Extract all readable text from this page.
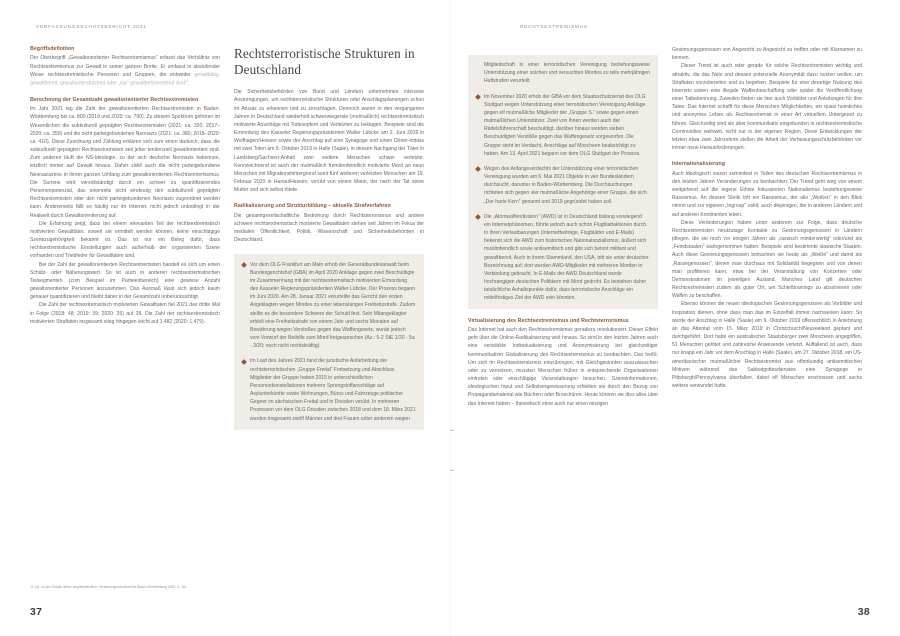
VERFASSUNGSSCHUTZBERICHT 2021
Begriffsdefinition

Der Oberbegriff „Gewaltorientierter Rechtsextremismus“ erfasst das Verhältnis von Rechtsextremismus zur Gewalt in seiner ganzen Breite. Er umfasst in abstufender Weise rechtsextremistische Personen und Gruppen, die entweder gewalttätig, gewaltbereit, gewaltunterstützend oder „nur“ gewaltbefürwortend sind$^{11}$.

Berechnung der Gesamtzahl gewaltorientierter Rechtsextremisten

Im Jahr 2021 lag die Zahl der gewaltorientierten Rechtsextremisten in Baden-Württemberg bei ca. 800 (2019 und 2020: ca. 790). Zu diesem Spektrum gehören im Wesentlichen die subkulturell geprägten Rechtsextremisten (2021: ca. 320; 2017–2020: ca. 350) und die nicht parteigebundenen Neonazis (2021: ca. 380; 2018–2020: ca. 410). Diese Zuordnung und Zählung erklären sich zum einen dadurch, dass die subkulturell geprägten Rechtsextremisten seit jeher tendenziell gewaltorientiert sind. Zum anderen läuft die NS-Ideologie, zu der sich deutsche Neonazis bekennen, letztlich immer auf Gewalt hinaus. Daher zählt auch die nicht parteigebundene Neonaziszene in ihrem ganzen Umfang zum gewaltorientierten Rechtsextremismus. Die Summe wird vervollständigt durch ein schwer zu quantifizierendes Personenpotenzial, das einerseits nicht eindeutig den subkulturell geprägten Rechtsextremisten oder den nicht parteigebundenen Neonazis zugeordnet werden kann. Andererseits fällt es häufig nur im Internet, nicht jedoch unbedingt in der Realwelt durch Gewaltorientierung auf.

Die Erfahrung zeigt, dass bei einem relevanten Teil der rechtsextremistisch motivierten Gewalttäter, soweit sie ermittelt werden können, keine einschlägige Szenezugehörigkeit bekannt ist. Das ist nur ein Beleg dafür, dass rechtsextremistische Einstellungen auch außerhalb der organisierten Szene vorhanden und Triebfeder für Gewalttaten sind.

Bei der Zahl der gewaltorientierten Rechtsextremisten handelt es sich um einen Schätz- oder Näherungswert. So ist auch in anderen rechtsextremistischen Teilsegmenten (zum Beispiel im Parteienbereich) eine gewisse Anzahl gewaltorientierter Personen anzunehmen. Das Ausmaß lässt sich jedoch kaum genauer quantifizieren und bleibt daher in der Gesamtzahl unberücksichtigt.

Die Zahl der rechtsextremistisch motivierten Gewalttaten fiel 2021 das dritte Mal in Folge (2018: 48; 2019: 39; 2020: 35) auf 28. Die Zahl der rechtsextremistisch motivierten Straftaten insgesamt stieg hingegen leicht auf 1.482 (2020: 1.479).

Rechtsterroristische Strukturen in Deutschland

Die Sicherheitsbehörden von Bund und Ländern unternehmen intensive Anstrengungen, um rechtsterroristische Strukturen oder Anschlagsplanungen schon im Ansatz zu erkennen und zu zerschlagen. Dennoch waren in den vergangenen Jahren in Deutschland wiederholt schwerwiegende (mutmaßlich) rechtsextremistisch motivierte Anschläge mit Todesopfern und Verletzten zu beklagen. Beispiele sind die Ermordung des Kasseler Regierungspräsidenten Walter Lübcke am 2. Juni 2019 in Wolfhagen/Hessen sowie der Anschlag auf eine Synagoge und einen Döner-Imbiss mit zwei Toten am 9. Oktober 2019 in Halle (Saale), in dessen Nachgang der Täter in Landsberg/Sachsen-Anhalt zwei weitere Menschen schwer verletzte. Kennzeichnend ist auch der mutmaßlich fremdenfeindlich motivierte Mord an neun Menschen mit Migrationshintergrund samt fünf weiteren verletzten Menschen am 19. Februar 2020 in Hanau/Hessen, verübt von einem Mann, der nach der Tat seine Mutter und sich selbst tötete.

Radikalisierung und Strukturbildung – aktuelle Strafverfahren

Die gesamtgesellschaftliche Bedrohung durch Rechtsterrorismus und andere schwere rechtsextremistisch motivierte Gewalttaten stehen seit Jahren im Fokus der medialen Öffentlichkeit, Politik, Wissenschaft und Sicherheitsbehörden in Deutschland.

Vor dem OLG Frankfurt am Main erhob der Generalbundesanwalt beim Bundesgerichtshof (GBA) im April 2020 Anklage gegen zwei Beschuldigte im Zusammenhang mit der rechtsextremistisch motivierten Ermordung des Kasseler Regierungspräsidenten Walter Lübcke. Der Prozess begann im Juni 2020. Am 28. Januar 2021 verurteilte das Gericht den ersten Angeklagten wegen Mordes zu einer lebenslangen Freiheitsstrafe. Zudem stellte es die besondere Schwere der Schuld fest. Sein Mitangeklagter erhielt eine Freiheitsstrafe von einem Jahr und sechs Monaten auf Bewährung wegen Verstoßes gegen das Waffengesetz, wurde jedoch vom Vorwurf der Beihilfe zum Mord freigesprochen (Az.: 5-2 StE 1/20 - 5a - 3/20; noch nicht rechtskräftig).
Im Lauf des Jahres 2021 fand die juristische Aufarbeitung der rechtsterroristischen „Gruppe Freital“ Fortsetzung und Abschluss. Mitglieder der Gruppe hatten 2015 in unterschiedlichen Personenkonstellationen mehrere Sprengstoffanschläge auf Asylunterkünfte sowie Wohnungen, Büros und Fahrzeuge politischer Gegner im sächsischen Freital und in Dresden verübt. In mehreren Prozessen vor dem OLG Dresden zwischen 2018 und dem 18. März 2021 wurden insgesamt zwölf Männer und drei Frauen unter anderem wegen
11 Vgl. zu den Details dieser Begriffsdefinition: Verfassungsschutzbericht Baden-Württemberg 2020, S. 161.
37
RECHTSEXTREMISMUS
Mitgliedschaft in einer terroristischen Vereinigung beziehungsweise Unterstützung einer solchen und versuchten Mordes zu teils mehrjährigen Haftstrafen verurteilt.
Im November 2020 erhob der GBA vor dem Staatsschutzsenat des OLG Stuttgart wegen Unterstützung einer terroristischen Vereinigung Anklage gegen elf mutmaßliche Mitglieder der „Gruppe S.“ sowie gegen einen mutmaßlichen Unterstützer. Zwei von ihnen werden auch der Rädelsführerschaft beschuldigt, darüber hinaus werden sieben Beschuldigten Verstöße gegen das Waffengesetz vorgeworfen. Die Gruppe steht im Verdacht, Anschläge auf Moscheen beabsichtigt zu haben. Am 13. April 2021 begann vor dem OLG Stuttgart der Prozess.
Wegen des Anfangsverdachts der Unterstützung einer terroristischen Vereinigung wurden am 6. Mai 2021 Objekte in vier Bundesländern durchsucht, darunter in Baden-Württemberg. Die Durchsuchungen richteten sich gegen vier mutmaßliche Angehörige einer Gruppe, die sich „Der harte Kern“ genannt und 2019 gegründet haben soll.
Die „Atomwaffendivision“ (AWD) ist in Deutschland bislang vorwiegend ein Internetphänomen, führte jedoch auch schon Flugblattaktionen durch. In ihren Verlautbarungen (Internetbeiträge, Flugblätter und E-Mails) bekennt sich die AWD zum historischen Nationalsozialismus, äußert sich muslimfeindlich sowie antisemitisch und gibt sich betont militant und gewaltbereit. Auch in ihrem Stammland, den USA, tritt sie unter deutscher Bezeichnung auf; dort werden AWD-Mitglieder mit mehreren Morden in Verbindung gebracht. In E-Mails der AWD Deutschland wurde hochrangigen deutschen Politikern mit Mord gedroht. Es bestehen daher tatsächliche Anhaltspunkte dafür, dass terroristische Anschläge ein mittelfristiges Ziel der AWD sein könnten.
Virtualisierung des Rechtsextremismus und Rechtsterrorismus

Das Internet hat auch den Rechtsextremismus geradezu revolutioniert. Dieser Effekt geht über die Online-Radikalisierung weit hinaus. So sind in den letzten Jahren auch eine verstärkte Individualisierung und Anonymisierung bei gleichzeitiger kommunikativer Globalisierung des Rechtsextremismus zu beobachten. Das heißt: Um sich im Rechtsextremismus einzubringen, mit Gleichgesinnten auszutauschen oder zu vernetzen, mussten Menschen früher in entsprechende Organisationen eintreten oder einschlägige Veranstaltungen besuchen. Szeneinformationen, ideologischen Input und Selbstvergewisserung erhielten sie durch den Bezug von Propagandamaterial wie Büchern oder Broschüren. Heute können sie dies alles über das Internet haben – theoretisch ohne auch nur einen einzigen

Gesinnungsgenossen von Angesicht zu Angesicht zu treffen oder mit Klarnamen zu kennen.

Dieser Trend ist auch oder gerade für solche Rechtsextremisten wichtig und attraktiv, die das Netz und dessen potenzielle Anonymität dazu nutzen wollen, um Straftaten vorzubereiten und zu begehen. Beispiele für eine derartige Nutzung des Internets wären eine illegale Waffenbeschaffung oder später die Veröffentlichung einer Tatbekennung. Zuweilen finden sie hier auch Vorbilder und Anleitungen für ihre Taten. Das Internet schafft für diese Menschen Möglichkeiten, ein quasi heimliches und anonymes Leben als Rechtsextremist in einer Art virtuellem Untergrund zu führen. Gleichzeitig sind sie aber kommunikativ eingebunden in rechtsextremistische Communities weltweit, nicht nur in der eigenen Region. Diese Entwicklungen der letzten etwa zwei Jahrzehnte stellen die Arbeit der Verfassungsschutzbehörden vor immer neue Herausforderungen.

Internationalisierung

Auch ideologisch waren zumindest in Teilen des deutschen Rechtsextremismus in den letzten Jahren Veränderungen zu beobachten: Der Trend geht weg von einem weitgehend auf die eigene Ethnie fokussierten Nationalismus beziehungsweise Rassismus. An dessen Stelle tritt ein Rassismus, der alle „Weißen“ in den Blick nimmt und zur eigenen „Ingroup“ zählt, auch diejenigen, die in anderen Ländern und auf anderen Kontinenten leben.

Diese Veränderungen haben unter anderem zur Folge, dass deutsche Rechtsextremisten heutzutage Kontakte zu Gesinnungsgenossen in Ländern pflegen, die sie noch vor einigen Jahren als „rassisch minderwertig“ oder/und als „Feindstaaten“ wahrgenommen hatten. Beispiele sind bestimmte slawische Staaten. Auch diese Gesinnungsgenossen betrachten sie heute als „Weiße“ und damit als „Rassegenossen“, denen man durchaus mit Solidarität begegnen und von denen man profitieren kann, etwa bei der Veranstaltung von Konzerten oder Demonstrationen im jeweiligen Ausland. Manches Land gilt deutschen Rechtsextremisten zudem als guter Ort, um Schießtrainings zu absolvieren oder Waffen zu beschaffen.

Ebenso können die neuen ideologischen Gesinnungsgenossen als Vorbilder und Inspiration dienen, ohne dass man das im Einzelfall immer nachweisen kann: So wurde der Anschlag in Halle (Saale) am 9. Oktober 2019 offensichtlich in Anlehnung an das Attentat vom 15. März 2019 in Christchurch/Neuseeland geplant und durchgeführt. Dort hatte ein australischer Staatsbürger zwei Moscheen angegriffen, 51 Menschen getötet und zahlreiche Anwesende verletzt. Auffallend ist auch, dass nur knapp ein Jahr vor dem Anschlag in Halle (Saale), am 27. Oktober 2018, ein US-amerikanischer mutmaßlicher Rechtsextremist aus offenkundig antisemitischen Motiven während des Sabbatgottesdienstes eine Synagoge in Pittsburgh/Pennsylvania überfallen, dabei elf Menschen erschossen und sechs weitere verwundet hatte.

38
